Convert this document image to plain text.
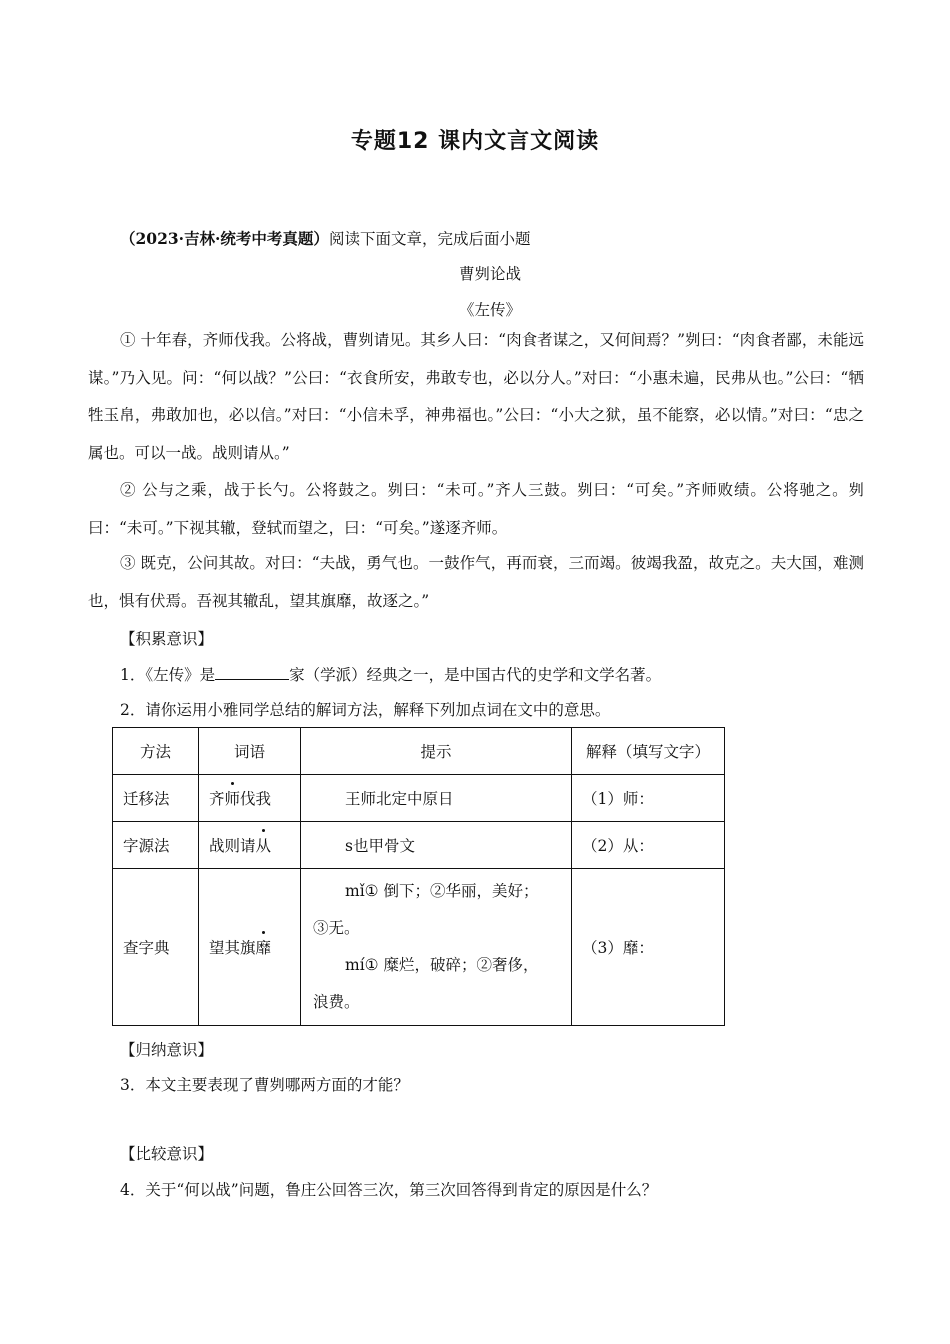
专题12 课内文言文阅读
（2023·吉林·统考中考真题）阅读下面文章，完成后面小题
曹刿论战
《左传》
① 十年春，齐师伐我。公将战，曹刿请见。其乡人曰：“肉食者谋之，又何间焉？”刿曰：“肉食者鄙，未能远谋。”乃入见。问：“何以战？”公曰：“衣食所安，弗敢专也，必以分人。”对曰：“小惠未遍，民弗从也。”公曰：“牺牲玉帛，弗敢加也，必以信。”对曰：“小信未孚，神弗福也。”公曰：“小大之狱，虽不能察，必以情。”对曰：“忠之属也。可以一战。战则请从。”
② 公与之乘，战于长勺。公将鼓之。刿曰：“未可。”齐人三鼓。刿曰：“可矣。”齐师败绩。公将驰之。刿曰：“未可。”下视其辙，登轼而望之，曰：“可矣。”遂逐齐师。
③ 既克，公问其故。对曰：“夫战，勇气也。一鼓作气，再而衰，三而竭。彼竭我盈，故克之。夫大国，难测也，惧有伏焉。吾视其辙乱，望其旗靡，故逐之。”
【积累意识】
1．《左传》是	家（学派）经典之一，是中国古代的史学和文学名著。
2．请你运用小雅同学总结的解词方法，解释下列加点词在文中的意思。
方法	词语	提示	解释（填写文字）
迁移法	齐师伐我	王师北定中原日	（1）师：
字源法	战则请从	s也甲骨文	（2）从：
查字典	望其旗靡	mǐ① 倒下；②华丽，美好；
③无。
mí① 糜烂，破碎；②奢侈，
浪费。	（3）靡：
【归纳意识】
3．本文主要表现了曹刿哪两方面的才能？
【比较意识】
4．关于“何以战”问题，鲁庄公回答三次，第三次回答得到肯定的原因是什么？
